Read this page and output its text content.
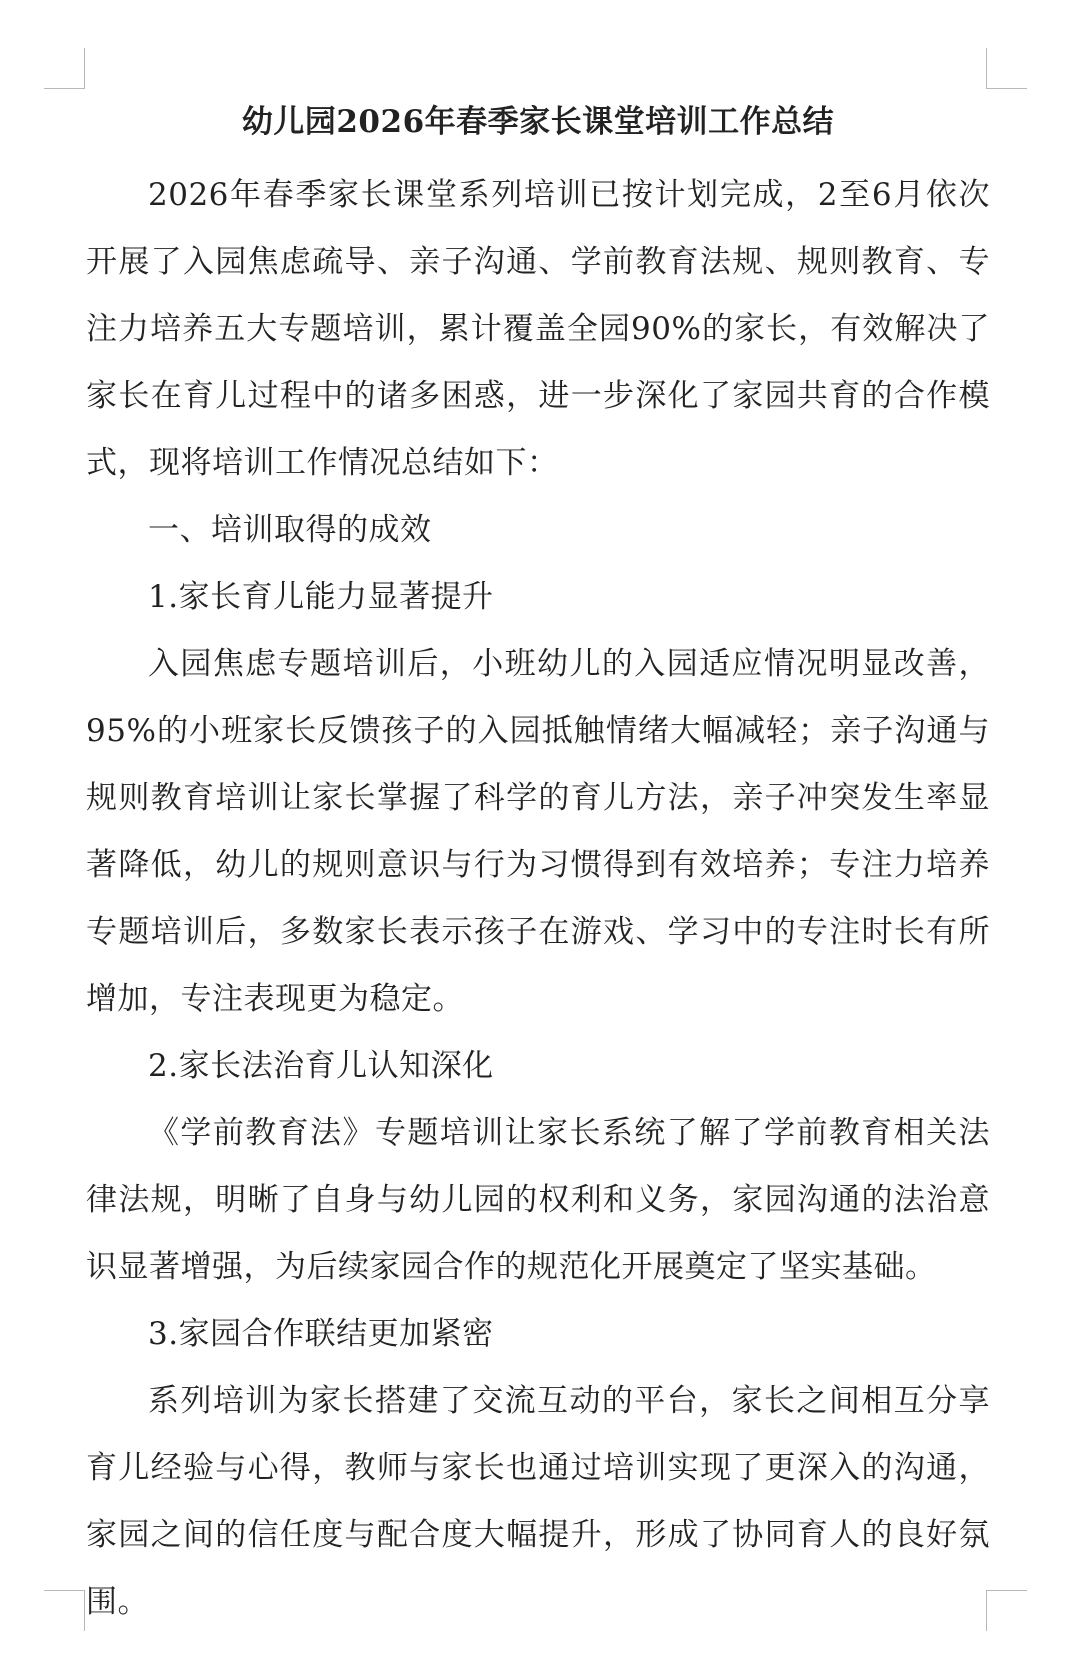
幼儿园2026年春季家长课堂培训工作总结

2026年春季家长课堂系列培训已按计划完成，2至6月依次开展了入园焦虑疏导、亲子沟通、学前教育法规、规则教育、专注力培养五大专题培训，累计覆盖全园90%的家长，有效解决了家长在育儿过程中的诸多困惑，进一步深化了家园共育的合作模式，现将培训工作情况总结如下：

一、培训取得的成效

1.家长育儿能力显著提升

入园焦虑专题培训后，小班幼儿的入园适应情况明显改善，95%的小班家长反馈孩子的入园抵触情绪大幅减轻；亲子沟通与规则教育培训让家长掌握了科学的育儿方法，亲子冲突发生率显著降低，幼儿的规则意识与行为习惯得到有效培养；专注力培养专题培训后，多数家长表示孩子在游戏、学习中的专注时长有所增加，专注表现更为稳定。

2.家长法治育儿认知深化

《学前教育法》专题培训让家长系统了解了学前教育相关法律法规，明晰了自身与幼儿园的权利和义务，家园沟通的法治意识显著增强，为后续家园合作的规范化开展奠定了坚实基础。

3.家园合作联结更加紧密

系列培训为家长搭建了交流互动的平台，家长之间相互分享育儿经验与心得，教师与家长也通过培训实现了更深入的沟通，家园之间的信任度与配合度大幅提升，形成了协同育人的良好氛围。
